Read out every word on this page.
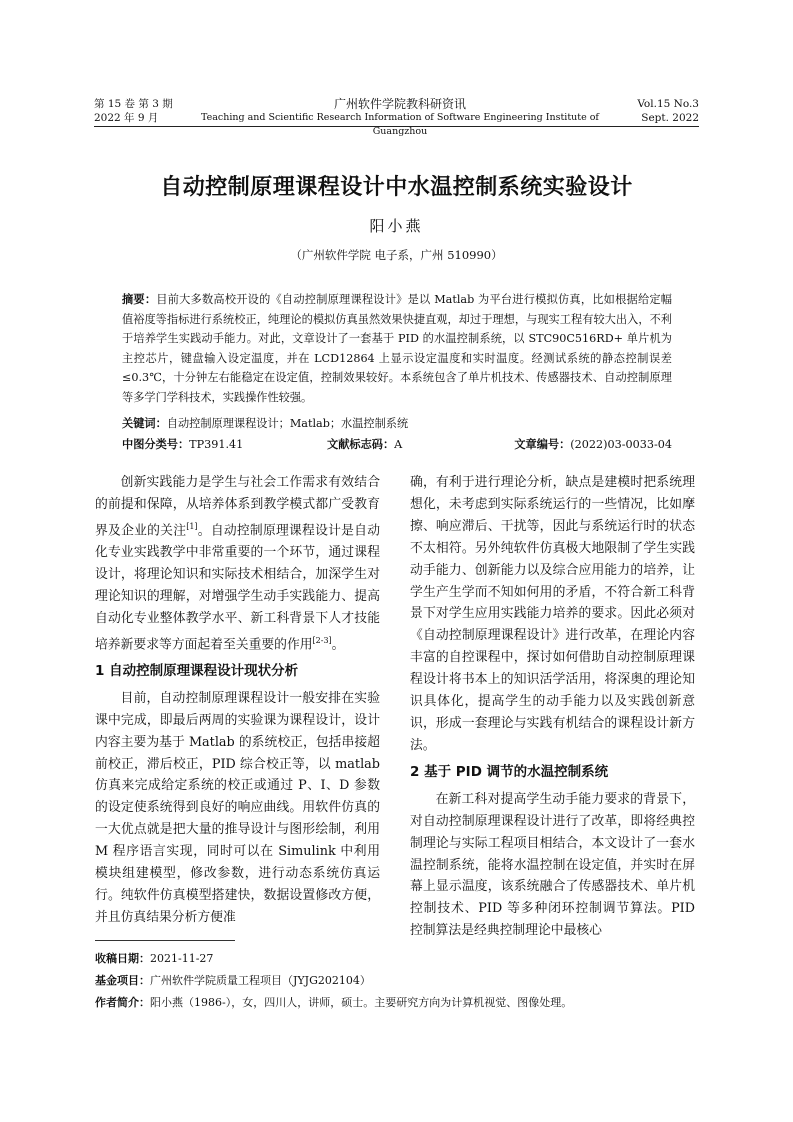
第 15 卷 第 3 期
2022 年 9 月
广州软件学院教科研资讯
Teaching and Scientific Research Information of Software Engineering Institute of Guangzhou
Vol.15 No.3
Sept. 2022
自动控制原理课程设计中水温控制系统实验设计
阳小燕
（广州软件学院 电子系，广州 510990）
摘要：目前大多数高校开设的《自动控制原理课程设计》是以 Matlab 为平台进行模拟仿真，比如根据给定幅值裕度等指标进行系统校正，纯理论的模拟仿真虽然效果快捷直观，却过于理想，与现实工程有较大出入，不利于培养学生实践动手能力。对此，文章设计了一套基于 PID 的水温控制系统，以 STC90C516RD+ 单片机为主控芯片，键盘输入设定温度，并在 LCD12864 上显示设定温度和实时温度。经测试系统的静态控制误差≤0.3℃，十分钟左右能稳定在设定值，控制效果较好。本系统包含了单片机技术、传感器技术、自动控制原理等多学门学科技术，实践操作性较强。
关键词：自动控制原理课程设计；Matlab；水温控制系统
中图分类号：TP391.41	文献标志码：A	文章编号：(2022)03-0033-04

创新实践能力是学生与社会工作需求有效结合的前提和保障，从培养体系到教学模式都广受教育界及企业的关注[1]。自动控制原理课程设计是自动化专业实践教学中非常重要的一个环节，通过课程设计，将理论知识和实际技术相结合，加深学生对理论知识的理解，对增强学生动手实践能力、提高自动化专业整体教学水平、新工科背景下人才技能培养新要求等方面起着至关重要的作用[2-3]。

1 自动控制原理课程设计现状分析

目前，自动控制原理课程设计一般安排在实验课中完成，即最后两周的实验课为课程设计，设计内容主要为基于 Matlab 的系统校正，包括串接超前校正，滞后校正，PID 综合校正等，以 matlab 仿真来完成给定系统的校正或通过 P、I、D 参数的设定使系统得到良好的响应曲线。用软件仿真的一大优点就是把大量的推导设计与图形绘制，利用 M 程序语言实现，同时可以在 Simulink 中利用模块组建模型，修改参数，进行动态系统仿真运行。纯软件仿真模型搭建快，数据设置修改方便，并且仿真结果分析方便准

确，有利于进行理论分析，缺点是建模时把系统理想化，未考虑到实际系统运行的一些情况，比如摩擦、响应滞后、干扰等，因此与系统运行时的状态不太相符。另外纯软件仿真极大地限制了学生实践动手能力、创新能力以及综合应用能力的培养，让学生产生学而不知如何用的矛盾，不符合新工科背景下对学生应用实践能力培养的要求。因此必须对《自动控制原理课程设计》进行改革，在理论内容丰富的自控课程中，探讨如何借助自动控制原理课程设计将书本上的知识活学活用，将深奥的理论知识具体化，提高学生的动手能力以及实践创新意识，形成一套理论与实践有机结合的课程设计新方法。

2 基于 PID 调节的水温控制系统

在新工科对提高学生动手能力要求的背景下，对自动控制原理课程设计进行了改革，即将经典控制理论与实际工程项目相结合，本文设计了一套水温控制系统，能将水温控制在设定值，并实时在屏幕上显示温度，该系统融合了传感器技术、单片机控制技术、PID 等多种闭环控制调节算法。PID 控制算法是经典控制理论中最核心

收稿日期：2021-11-27
基金项目：广州软件学院质量工程项目（JYJG202104）
作者简介：阳小燕（1986-），女，四川人，讲师，硕士。主要研究方向为计算机视觉、图像处理。
